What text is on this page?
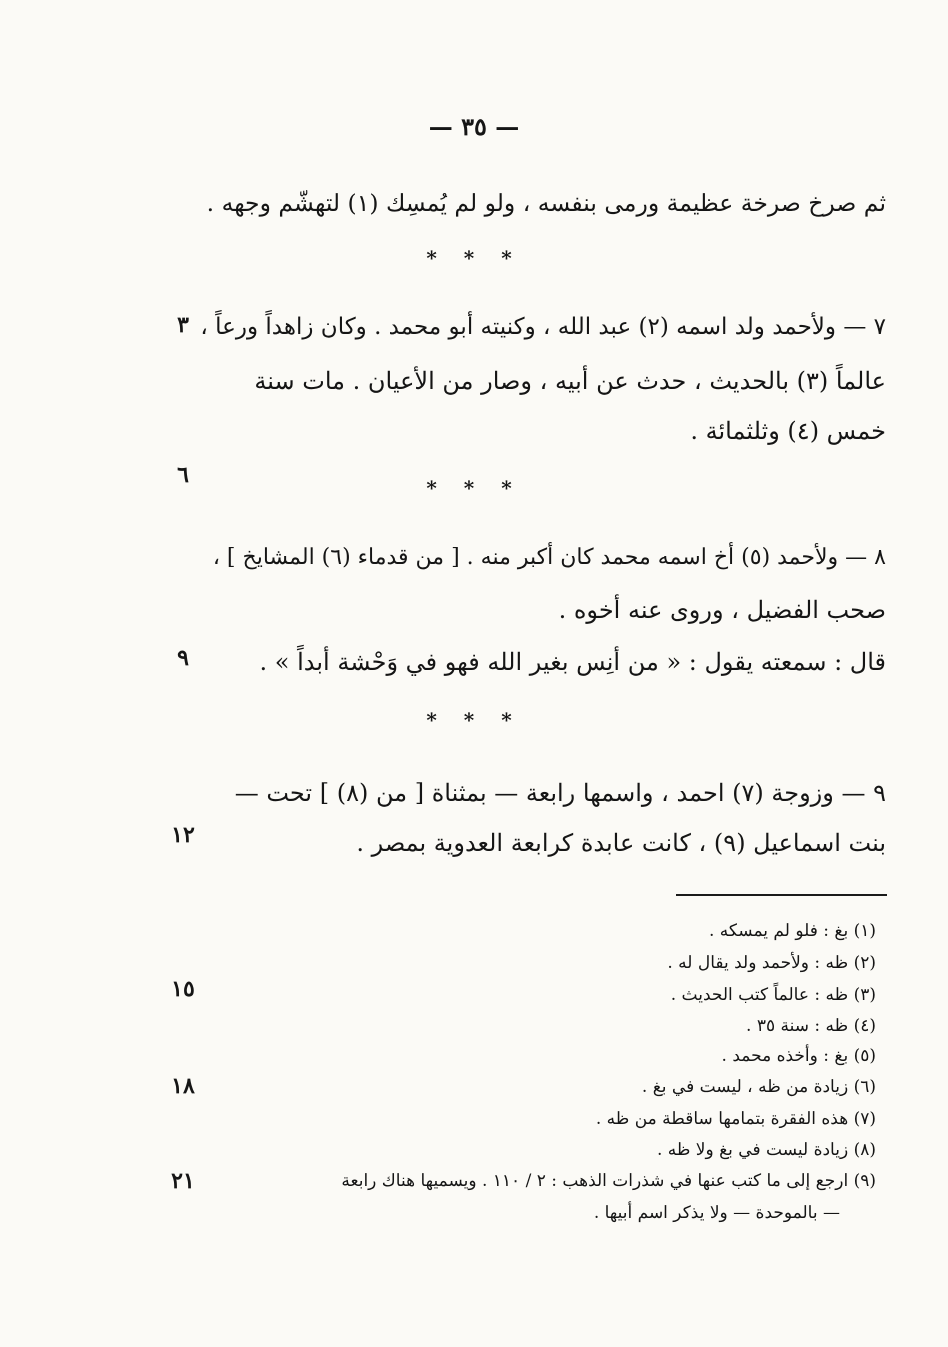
— ٣٥ —
ثم صرخ صرخة عظيمة ورمى بنفسه ، ولو لم يُمسِك (١) لتهشّم وجهه .
* * *
٧ — ولأحمد ولد اسمه (٢) عبد الله ، وكنيته أبو محمد . وكان زاهداً ورعاً ،
عالماً (٣) بالحديث ، حدث عن أبيه ، وصار من الأعيان . مات سنة
خمس (٤) وثلثمائة .
* * *
٨ — ولأحمد (٥) أخ اسمه محمد كان أكبر منه . [ من قدماء (٦) المشايخ ] ،
صحب الفضيل ، وروى عنه أخوه .
قال : سمعته يقول : « من أنِس بغير الله فهو في وَحْشة أبداً » .
* * *
٩ — وزوجة (٧) احمد ، واسمها رابعة — بمثناة [ من (٨) ] تحت —
بنت اسماعيل (٩) ، كانت عابدة كرابعة العدوية بمصر .
٣
٦
٩
١٢
١٥
١٨
٢١
(١) بغ : فلو لم يمسكه .
(٢) ظه : ولأحمد ولد يقال له .
(٣) ظه : عالماً كتب الحديث .
(٤) ظه : سنة ٣٥ .
(٥) بغ : وأخذه محمد .
(٦) زيادة من ظه ، ليست في بغ .
(٧) هذه الفقرة بتمامها ساقطة من ظه .
(٨) زيادة ليست في بغ ولا ظه .
(٩) ارجع إلى ما كتب عنها في شذرات الذهب : ٢ / ١١٠ . ويسميها هناك رابعة
— بالموحدة — ولا يذكر اسم أبيها .
